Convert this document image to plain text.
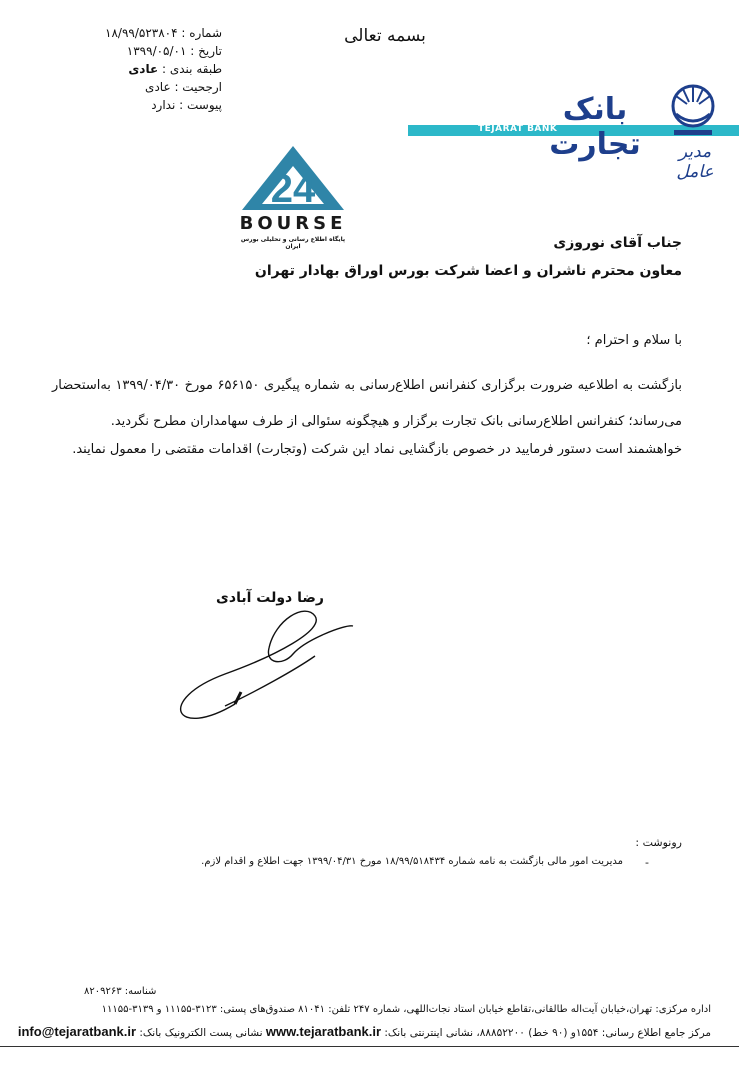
شماره : ۱۸/۹۹/۵۲۳۸۰۴
تاریخ : ۱۳۹۹/۰۵/۰۱
طبقه بندی : عادی
ارجحیت : عادی
پیوست : ندارد
بسمه تعالی
TEJARAT BANK
بانک تجارت	مدیر عامل
24
BOURSE
پایگاه اطلاع رسانی و تحلیلی بورس ایران	جناب آقای نوروزی
معاون محترم ناشران و اعضا شرکت بورس اوراق بهادار تهران
با سلام و احترام ؛
بازگشت به اطلاعیه ضرورت برگزاری کنفرانس اطلاع‌رسانی به شماره پیگیری ۶۵۶۱۵۰ مورخ ۱۳۹۹/۰۴/۳۰ به‌استحضار می‌رساند؛ کنفرانس اطلاع‌رسانی بانک تجارت برگزار و هیچگونه سئوالی از طرف سهامداران مطرح نگردید.
خواهشمند است دستور فرمایید در خصوص بازگشایی نماد این شرکت (وتجارت) اقدامات مقتضی را معمول نمایند.
رضا دولت آبادی
رونوشت :
-
مدیریت امور مالی بازگشت به نامه شماره ۱۸/۹۹/۵۱۸۴۳۴ مورخ ۱۳۹۹/۰۴/۳۱ جهت اطلاع و اقدام لازم.
شناسه: ۸۲۰۹۲۶۳
اداره مرکزی: تهران،خیابان آیت‌اله طالقانی،تقاطع خیابان استاد نجات‌اللهی، شماره ۲۴۷ تلفن: ۸۱۰۴۱ صندوق‌های پستی: ۳۱۲۳-۱۱۱۵۵ و ۳۱۳۹-۱۱۱۵۵
مرکز جامع اطلاع رسانی: ۱۵۵۴و (۹۰ خط) ۸۸۸۵۲۲۰۰، نشانی اینترنتی بانک: www.tejaratbank.ir نشانی پست الکترونیک بانک: info@tejaratbank.ir
